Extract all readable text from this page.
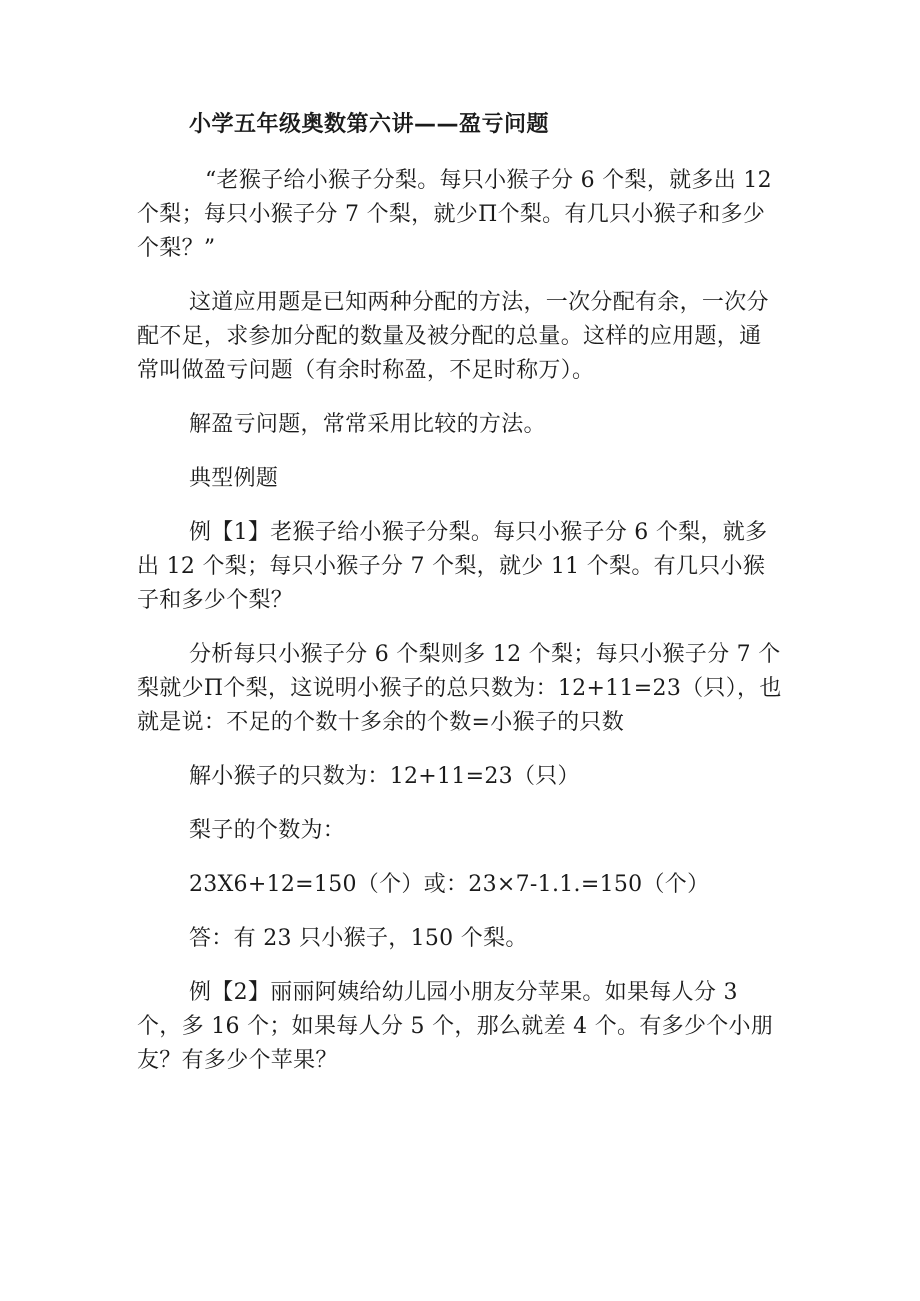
小学五年级奥数第六讲——盈亏问题

“老猴子给小猴子分梨。每只小猴子分 6 个梨，就多出 12 个梨；每只小猴子分 7 个梨，就少Π个梨。有几只小猴子和多少个梨？”

这道应用题是已知两种分配的方法，一次分配有余，一次分配不足，求参加分配的数量及被分配的总量。这样的应用题，通常叫做盈亏问题（有余时称盈，不足时称万）。

解盈亏问题，常常采用比较的方法。

典型例题

例【1】老猴子给小猴子分梨。每只小猴子分 6 个梨，就多出 12 个梨；每只小猴子分 7 个梨，就少 11 个梨。有几只小猴子和多少个梨？

分析每只小猴子分 6 个梨则多 12 个梨；每只小猴子分 7 个梨就少Π个梨，这说明小猴子的总只数为：12+11=23（只），也就是说：不足的个数十多余的个数=小猴子的只数

解小猴子的只数为：12+11=23（只）

梨子的个数为：

23X6+12=150（个）或：23×7-1.1.=150（个）

答：有 23 只小猴子，150 个梨。

例【2】丽丽阿姨给幼儿园小朋友分苹果。如果每人分 3 个，多 16 个；如果每人分 5 个，那么就差 4 个。有多少个小朋友？有多少个苹果？
